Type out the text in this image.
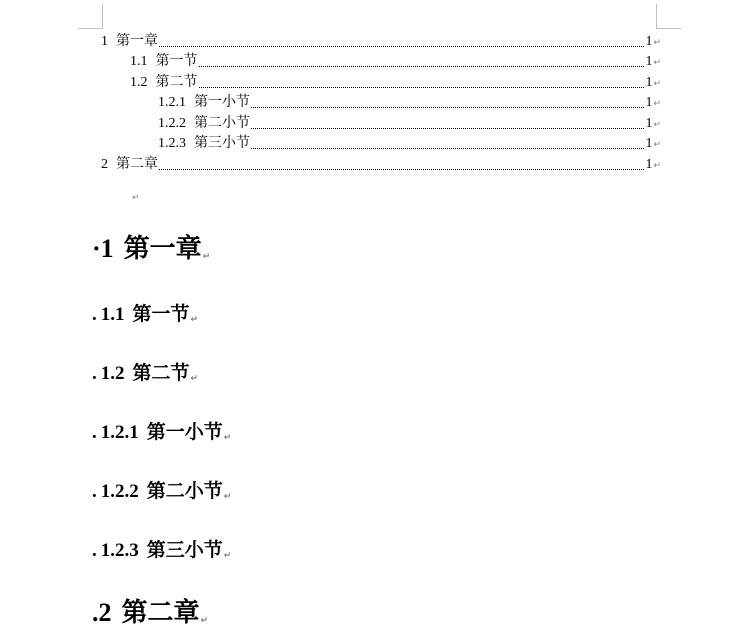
1 第一章	1 ↵
1.1 第一节	1 ↵
1.2 第二节	1 ↵
1.2.1 第一小节	1 ↵
1.2.2 第二小节	1 ↵
1.2.3 第三小节	1 ↵
2 第二章	1 ↵
↵
· 1 第一章 ↵
. 1.1 第一节 ↵
. 1.2 第二节 ↵
. 1.2.1 第一小节 ↵
. 1.2.2 第二小节 ↵
. 1.2.3 第三小节 ↵
. 2 第二章 ↵
